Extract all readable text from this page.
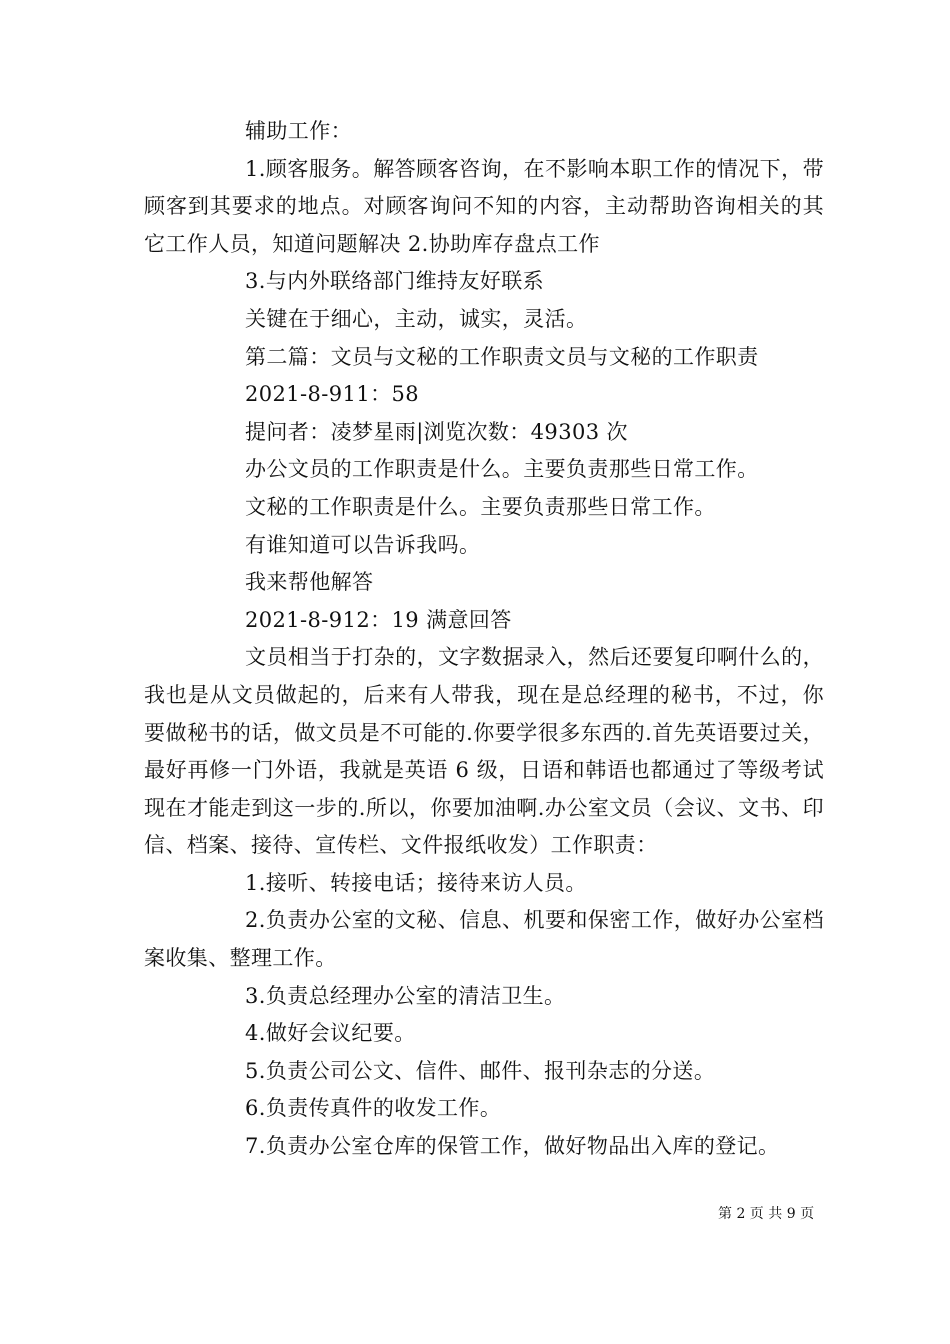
辅助工作：

1.顾客服务。解答顾客咨询，在不影响本职工作的情况下，带顾客到其要求的地点。对顾客询问不知的内容，主动帮助咨询相关的其它工作人员，知道问题解决 2.协助库存盘点工作

3.与内外联络部门维持友好联系

关键在于细心，主动，诚实，灵活。

第二篇：文员与文秘的工作职责文员与文秘的工作职责

2021-8-911：58

提问者：凌梦星雨|浏览次数：49303 次

办公文员的工作职责是什么。主要负责那些日常工作。

文秘的工作职责是什么。主要负责那些日常工作。

有谁知道可以告诉我吗。

我来帮他解答

2021-8-912：19 满意回答

文员相当于打杂的，文字数据录入，然后还要复印啊什么的，我也是从文员做起的，后来有人带我，现在是总经理的秘书，不过，你要做秘书的话，做文员是不可能的.你要学很多东西的.首先英语要过关，最好再修一门外语，我就是英语 6 级，日语和韩语也都通过了等级考试现在才能走到这一步的.所以，你要加油啊.办公室文员（会议、文书、印信、档案、接待、宣传栏、文件报纸收发）工作职责：

1.接听、转接电话；接待来访人员。

2.负责办公室的文秘、信息、机要和保密工作，做好办公室档案收集、整理工作。

3.负责总经理办公室的清洁卫生。

4.做好会议纪要。

5.负责公司公文、信件、邮件、报刊杂志的分送。

6.负责传真件的收发工作。

7.负责办公室仓库的保管工作，做好物品出入库的登记。

第 2 页 共 9 页
